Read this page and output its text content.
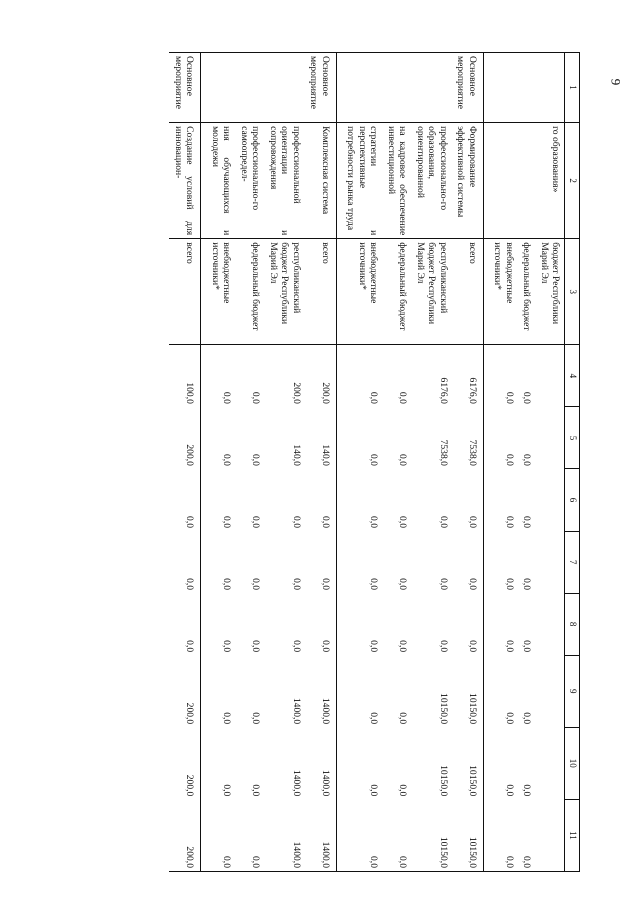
9
1	2	3	4	5	6	7	8	9	10	11
	го образования»	бюджет Республики Марий Эл								
		федеральный бюджет	0,0	0,0	0,0	0,0	0,0	0,0	0,0	0,0
		внебюджетные источники*	0,0	0,0	0,0	0,0	0,0	0,0	0,0	0,0
Основное мероприятие	Формирование эффективной системы	всего	6176,0	7538,0	0,0	0,0	0,0	10150,0	10150,0	10150,0
	профессионально-го образования, ориентированной	республиканский бюджет Республики Марий Эл	6176,0	7538,0	0,0	0,0	0,0	10150,0	10150,0	10150,0
	на кадровое обеспечение инвестиционной	федеральный бюджет	0,0	0,0	0,0	0,0	0,0	0,0	0,0	0,0
	стратегии и перспективные потребности рынка труда	внебюджетные источники*	0,0	0,0	0,0	0,0	0,0	0,0	0,0	0,0
Основное мероприятие	Комплексная система	всего	200,0	140,0	0,0	0,0	0,0	1400,0	1400,0	1400,0
	профессиональной ориентации и сопровождения	республиканский бюджет Республики Марий Эл	200,0	140,0	0,0	0,0	0,0	1400,0	1400,0	1400,0
	профессионально-го самоопредел-	федеральный бюджет	0,0	0,0	0,0	0,0	0,0	0,0	0,0	0,0
	ния обучающихся и молодежи	внебюджетные источники*	0,0	0,0	0,0	0,0	0,0	0,0	0,0	0,0
Основное мероприятие	Создание условий для инновацион-	всего	100,0	200,0	0,0	0,0	0,0	200,0	200,0	200,0
